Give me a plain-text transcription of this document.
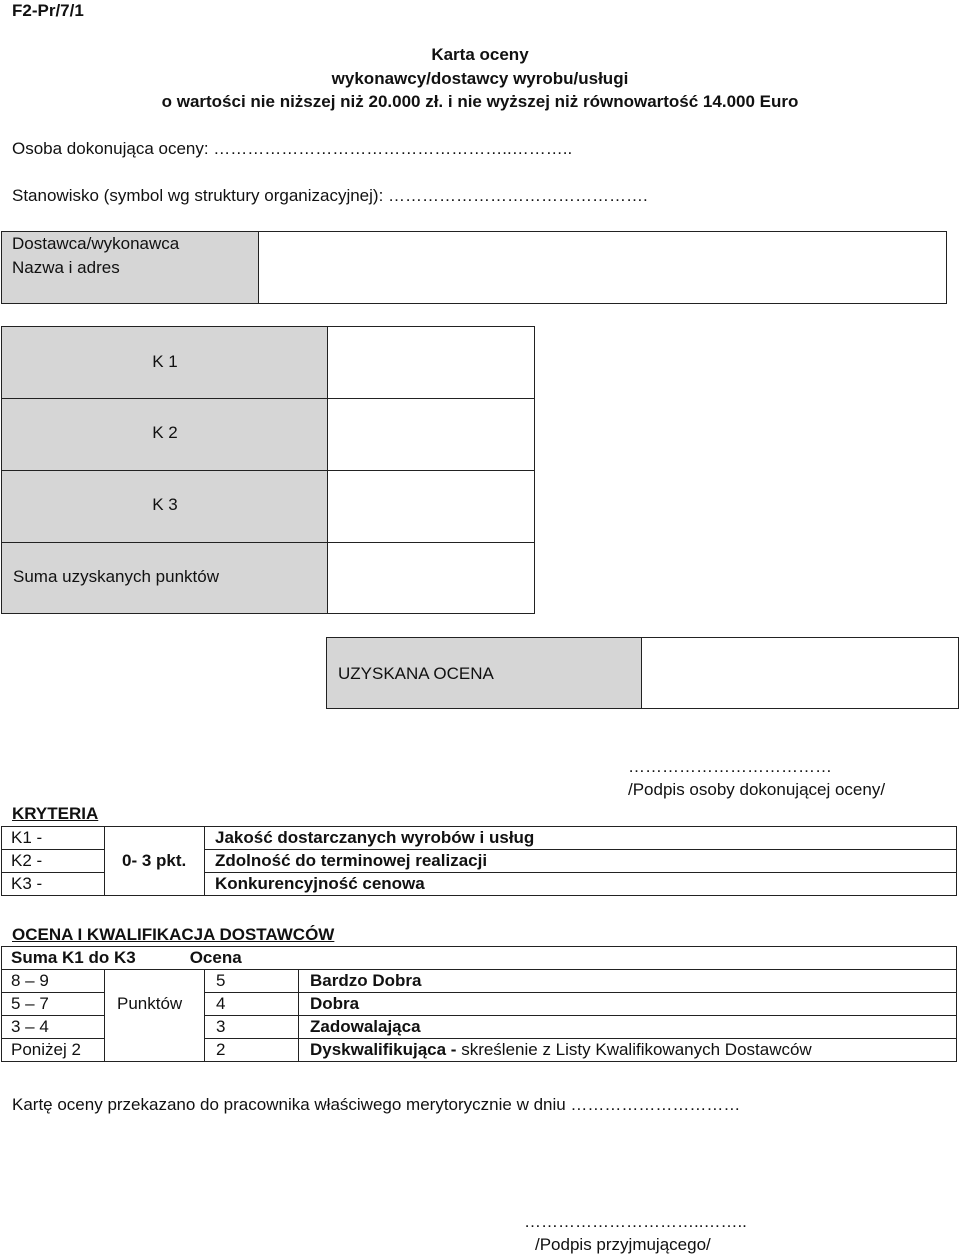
F2-Pr/7/1
Karta oceny
wykonawcy/dostawcy wyrobu/usługi
o wartości nie niższej niż 20.000 zł. i nie wyższej niż równowartość 14.000 Euro
Osoba dokonująca oceny: ……………………………………………..………..
Stanowisko (symbol wg struktury organizacyjnej): ……………………………………….
Dostawca/wykonawca
Nazwa i adres
K 1
K 2
K 3
Suma uzyskanych punktów
UZYSKANA OCENA
………………………………
/Podpis osoby dokonującej oceny/
KRYTERIA
K1 -	0- 3 pkt.	Jakość dostarczanych wyrobów i usług
K2 -		Zdolność do terminowej realizacji
K3 -		Konkurencyjność cenowa
OCENA I KWALIFIKACJA DOSTAWCÓW
Suma K1 do K3 Ocena			
8 – 9	Punktów	5	Bardzo Dobra
5 – 7		4	Dobra
3 – 4		3	Zadowalająca
Poniżej 2		2	Dyskwalifikująca - skreślenie z Listy Kwalifikowanych Dostawców
Kartę oceny przekazano do pracownika właściwego merytorycznie w dniu …………………………
…………………………..……..
/Podpis przyjmującego/
